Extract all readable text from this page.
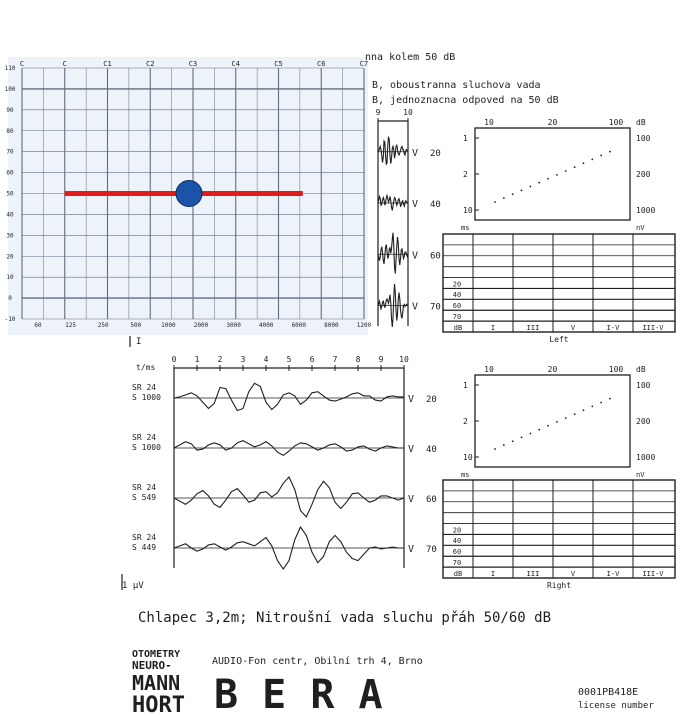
C	C	C1	C2	C3	C4	C5	C6	C7
110
100
90
80
70
60
50
40
30
20
10
0
-10
60	125	250	500	1000	2000	3000	4000	6000	8000	1200
nna kolem 50 dB
B, oboustranna sluchova vada
B, jednoznacna odpoved na 50 dB
Chlapec 3,2m; Nitroušní vada sluchu přáh 50/60 dB
NEURO-
OTOMETRY
MANN
HORT B E R A
AUDIO-Fon centr, Obilní trh 4, Brno
0001PB418E
license number
9	10
20
V
40
V
60
V
70
V
0 1 2 3 4 5 6 7 8 9 10
20
V
SR 24
S 1000
40
V
SR 24
S 1000
60
V
SR 24
S 549
70
V
SR 24
S 449
t/ms
1 µV
10	20	100 dB
1
2
10
ms
100
200
1000
nV
10	20	100 dB
1
2
10
ms
100
200
1000
nV
dB	I	III	V	I-V	III-V
70
60
40
20
Left
dB	I	III	V	I-V	III-V
70
60
40
20
Right
I
